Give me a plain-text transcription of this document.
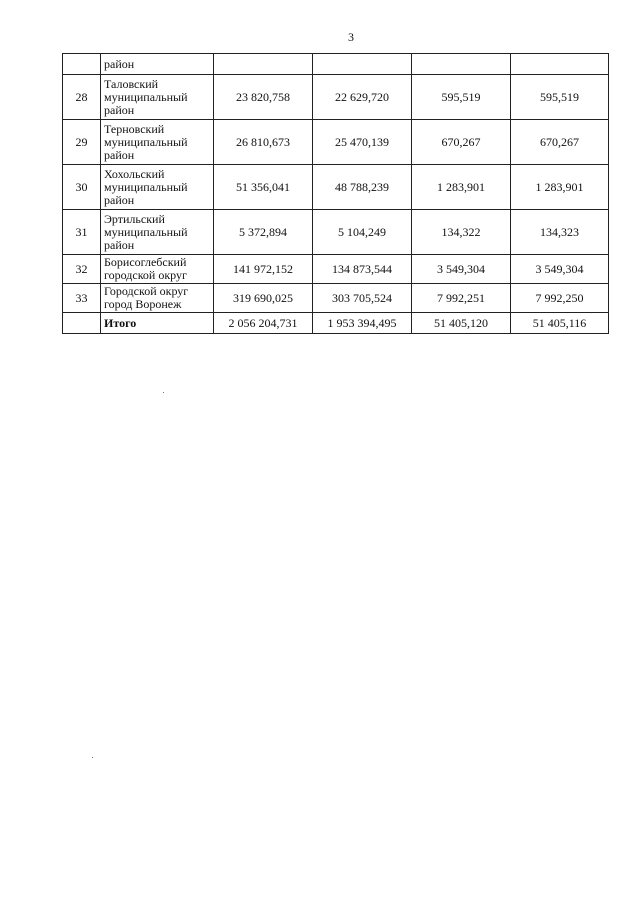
3
	район				
28	Таловский
муниципальный
район	23 820,758	22 629,720	595,519	595,519
29	Терновский
муниципальный
район	26 810,673	25 470,139	670,267	670,267
30	Хохольский
муниципальный
район	51 356,041	48 788,239	1 283,901	1 283,901
31	Эртильский
муниципальный
район	5 372,894	5 104,249	134,322	134,323
32	Борисоглебский
городской округ	141 972,152	134 873,544	3 549,304	3 549,304
33	Городской округ
город Воронеж	319 690,025	303 705,524	7 992,251	7 992,250
	Итого	2 056 204,731	1 953 394,495	51 405,120	51 405,116
